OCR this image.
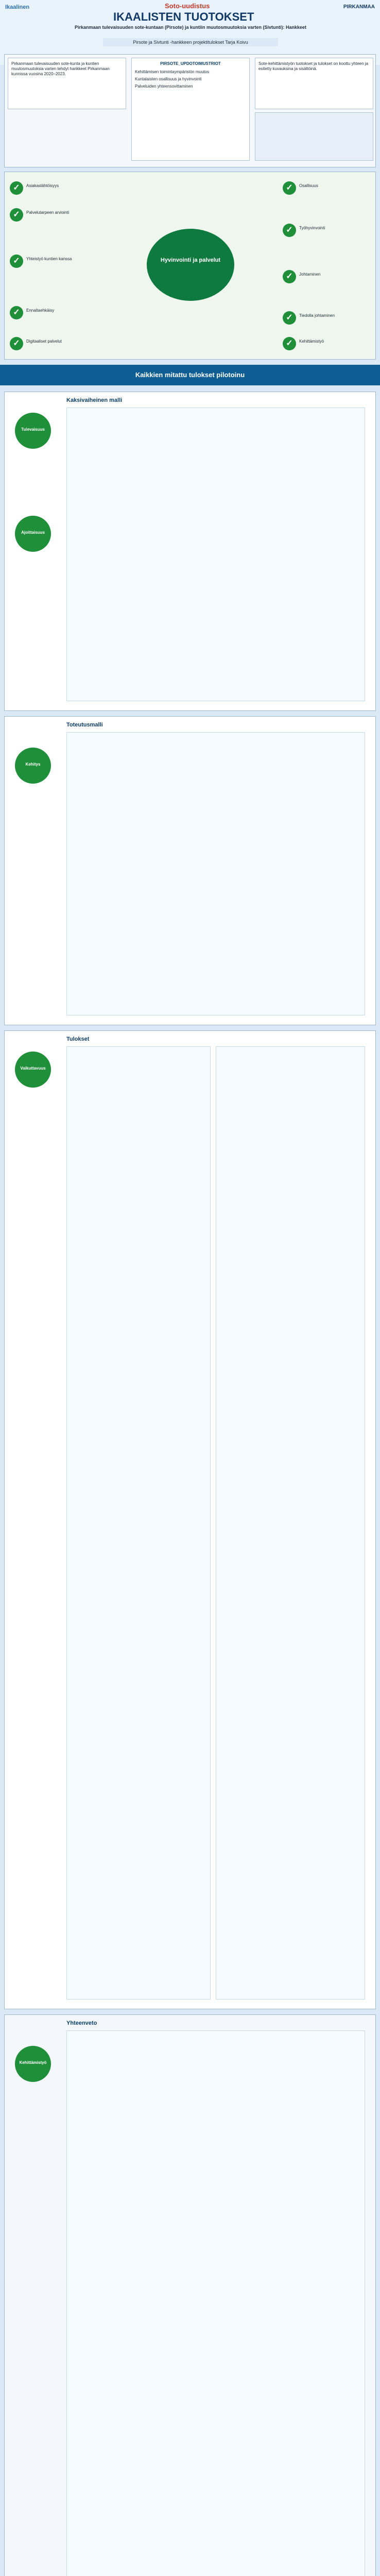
Ikaalinen	Soto-uudistus	PIRKANMAA
IKAALISTEN TUOTOKSET
Pirkanmaan tulevaisuuden sote-kuntaan (Pirsote) ja kuntiin muutosmuutoksia varten (Sivtunti): Hankkeet
Pirsote ja Sivtunti -hankkeen projektitulokset Tarja Koivu
Pirkanmaan tulevaisuuden sote-kunta ja kuntien muutosmuutoksia varten tehdyt hankkeet Pirkanmaan kunnissa vuosina 2020–2023.
PIRSOTE_UPDOTOIMUSTRIOT
Kehittämisen toimintaympäristön muutos
Kuntalaisten osallisuus ja hyvinvointi
Palveluiden yhteensovittaminen
Sote-kehittämistyön tuotokset ja tulokset on koottu yhteen ja esitetty kuvauksina ja sisältöinä.
Hyvinvointi ja palvelut
✓	Asiakaslähtöisyys
✓	Palvelutarpeen arviointi
✓	Yhteistyö kuntien kanssa
✓	Ennaltaehkäisy
✓	Digitaaliset palvelut
✓	Osallisuus
✓	Työhyvinvointi
✓	Johtaminen
✓	Tiedolla johtaminen
✓	Kehittämistyö
Kaikkien mitattu tulokset pilotoinu
Tulevaisuus
Ajoittaisuus
Kaksivaiheinen malli
Kehitys
Toteutusmalli
Vaikuttavuus
Tulokset
Kehittämistyö
Yhteenveto
